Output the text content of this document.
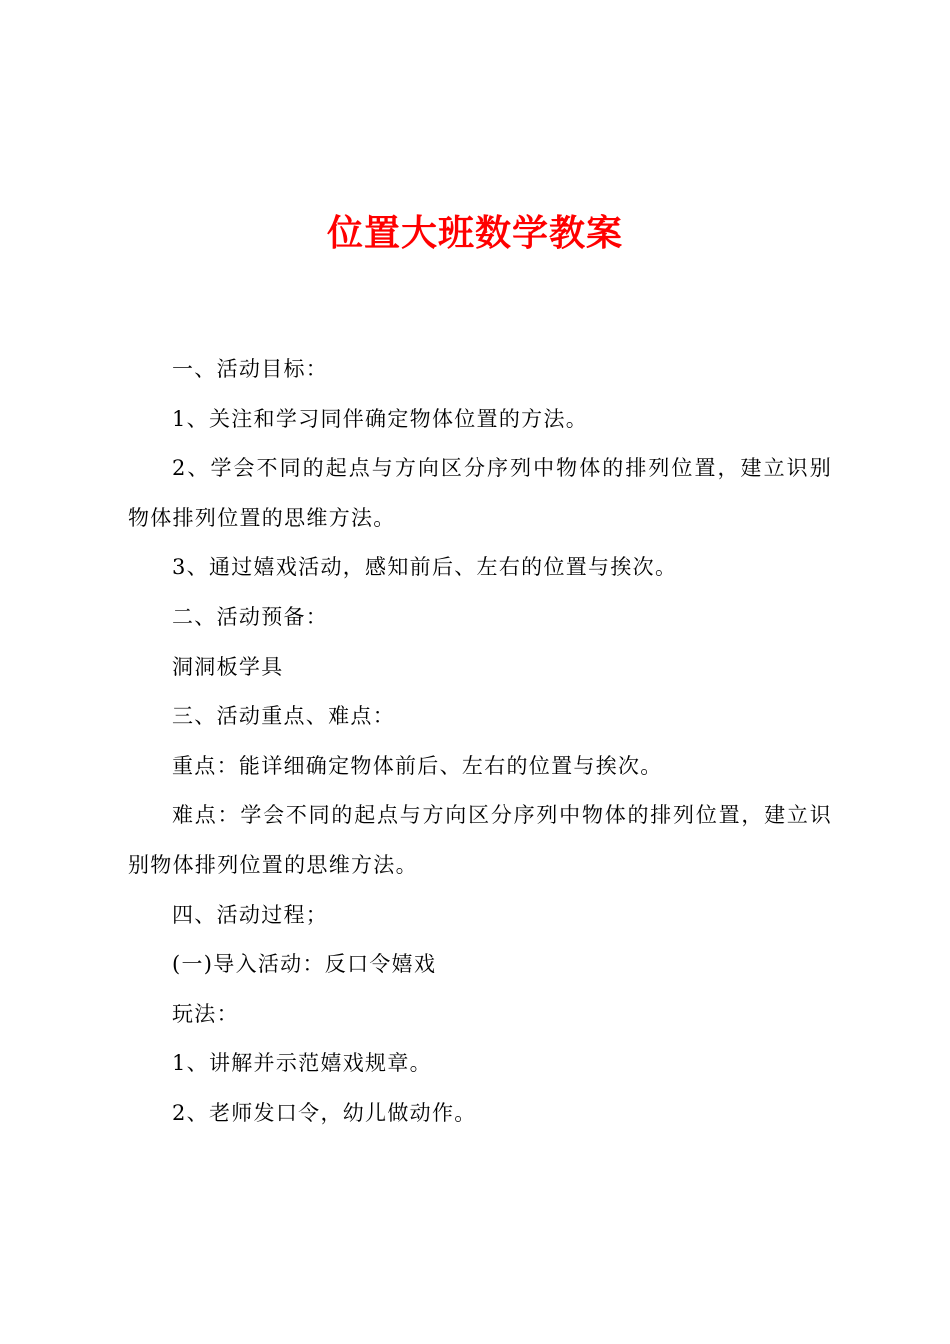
位置大班数学教案

一、活动目标：

1、关注和学习同伴确定物体位置的方法。

2、学会不同的起点与方向区分序列中物体的排列位置，建立识别物体排列位置的思维方法。

3、通过嬉戏活动，感知前后、左右的位置与挨次。

二、活动预备：

洞洞板学具

三、活动重点、难点：

重点：能详细确定物体前后、左右的位置与挨次。

难点：学会不同的起点与方向区分序列中物体的排列位置，建立识别物体排列位置的思维方法。

四、活动过程；

(一)导入活动：反口令嬉戏

玩法：

1、讲解并示范嬉戏规章。

2、老师发口令，幼儿做动作。
